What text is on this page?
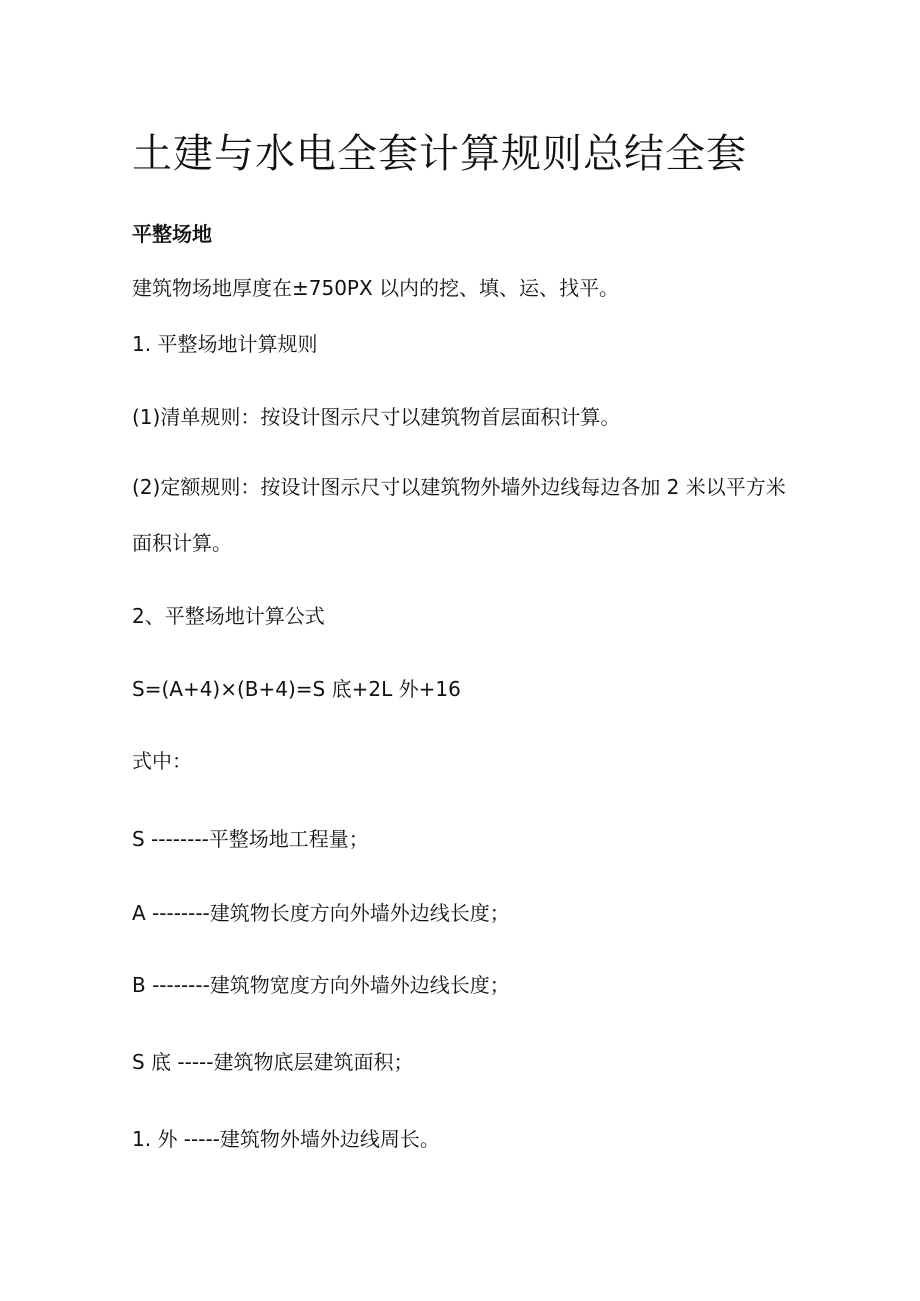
土建与水电全套计算规则总结全套

平整场地

建筑物场地厚度在±750PX 以内的挖、填、运、找平。

1. 平整场地计算规则

(1)清单规则：按设计图示尺寸以建筑物首层面积计算。

(2)定额规则：按设计图示尺寸以建筑物外墙外边线每边各加 2 米以平方米面积计算。

2、平整场地计算公式

S=(A+4)×(B+4)=S 底+2L 外+16

式中：

S --------平整场地工程量；

A --------建筑物长度方向外墙外边线长度；

B --------建筑物宽度方向外墙外边线长度；

S 底 -----建筑物底层建筑面积；

1. 外 -----建筑物外墙外边线周长。
